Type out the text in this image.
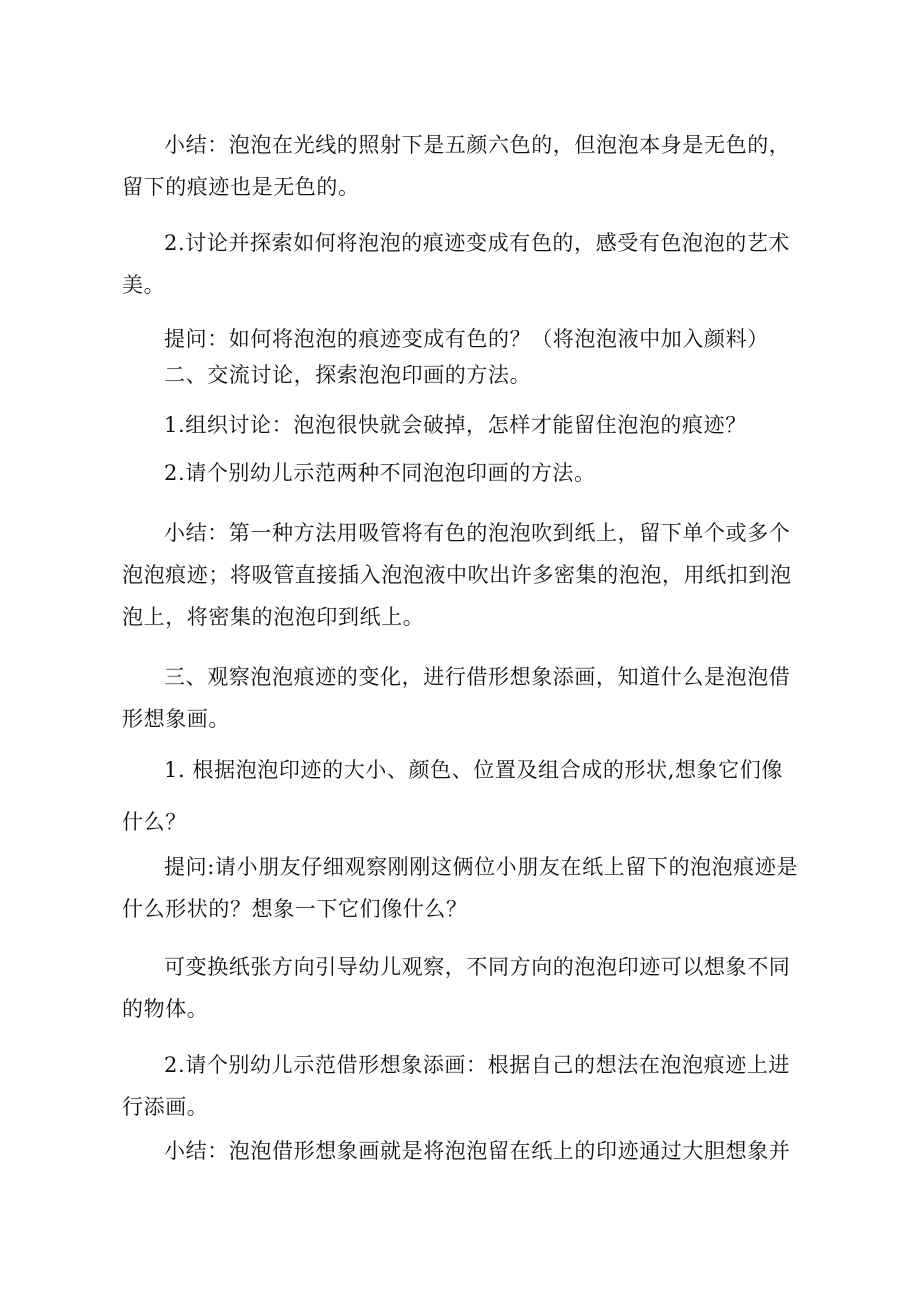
小结：泡泡在光线的照射下是五颜六色的，但泡泡本身是无色的，留下的痕迹也是无色的。

2.讨论并探索如何将泡泡的痕迹变成有色的，感受有色泡泡的艺术美。

提问：如何将泡泡的痕迹变成有色的？（将泡泡液中加入颜料）

二、交流讨论，探索泡泡印画的方法。

1.组织讨论：泡泡很快就会破掉，怎样才能留住泡泡的痕迹？

2.请个别幼儿示范两种不同泡泡印画的方法。

小结：第一种方法用吸管将有色的泡泡吹到纸上，留下单个或多个泡泡痕迹；将吸管直接插入泡泡液中吹出许多密集的泡泡，用纸扣到泡泡上，将密集的泡泡印到纸上。

三、观察泡泡痕迹的变化，进行借形想象添画，知道什么是泡泡借形想象画。

1. 根据泡泡印迹的大小、颜色、位置及组合成的形状,想象它们像什么？

提问:请小朋友仔细观察刚刚这俩位小朋友在纸上留下的泡泡痕迹是什么形状的？想象一下它们像什么？

可变换纸张方向引导幼儿观察，不同方向的泡泡印迹可以想象不同的物体。

2.请个别幼儿示范借形想象添画：根据自己的想法在泡泡痕迹上进行添画。

小结：泡泡借形想象画就是将泡泡留在纸上的印迹通过大胆想象并
